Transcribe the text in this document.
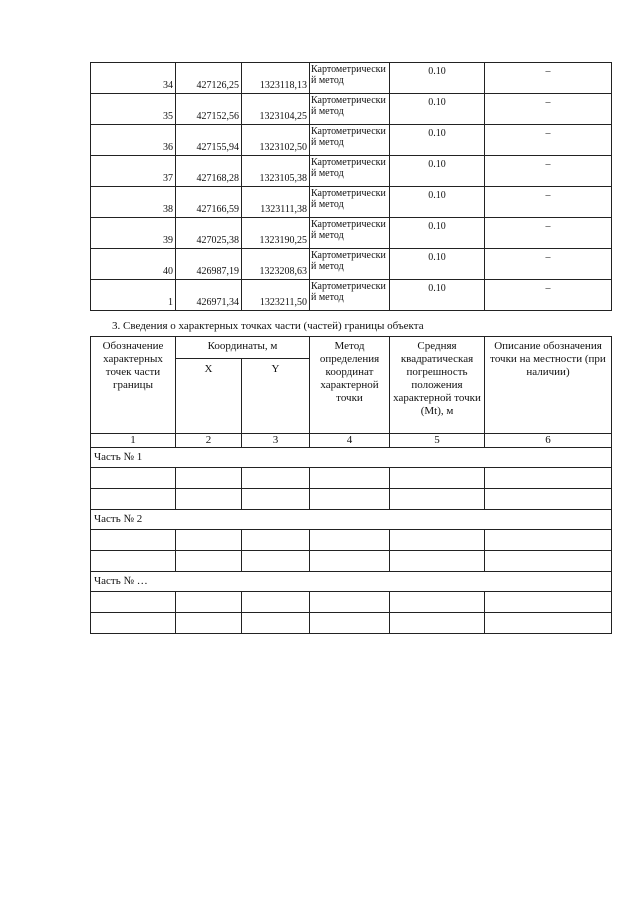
34	427126,25	1323118,13	Картометрический метод	0.10	–
35	427152,56	1323104,25	Картометрический метод	0.10	–
36	427155,94	1323102,50	Картометрический метод	0.10	–
37	427168,28	1323105,38	Картометрический метод	0.10	–
38	427166,59	1323111,38	Картометрический метод	0.10	–
39	427025,38	1323190,25	Картометрический метод	0.10	–
40	426987,19	1323208,63	Картометрический метод	0.10	–
1	426971,34	1323211,50	Картометрический метод	0.10	–
3. Сведения о характерных точках части (частей) границы объекта
Обозначение характерных точек части границы	Координаты, м		Метод определения координат характерной точки	Средняя квадратическая погрешность положения характерной точки (Mt), м	Описание обозначения точки на местности (при наличии)
	X	Y			
1	2	3	4	5	6
Часть № 1					

Часть № 2					

Часть № …					
